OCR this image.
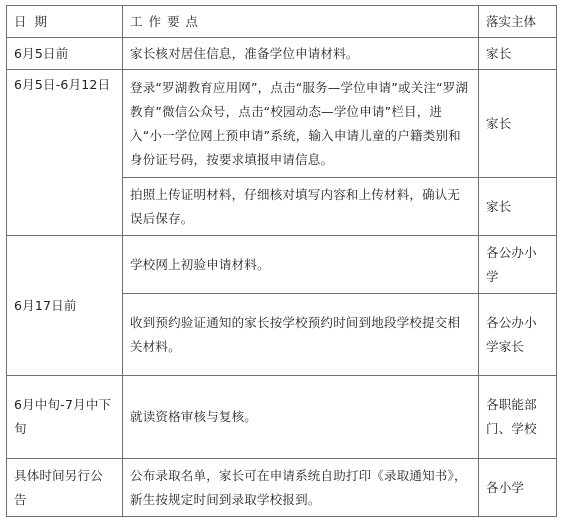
日 期	工 作 要 点	落实主体
6月5日前	家长核对居住信息，准备学位申请材料。	家长
6月5日-6月12日	登录“罗湖教育应用网”，点击“服务—学位申请”或关注“罗湖教育”微信公众号，点击“校园动态—学位申请”栏目，进入“小一学位网上预申请”系统，输入申请儿童的户籍类别和身份证号码，按要求填报申请信息。	家长
	拍照上传证明材料，仔细核对填写内容和上传材料，确认无误后保存。	家长
6月17日前	学校网上初验申请材料。	各公办小学
	收到预约验证通知的家长按学校预约时间到地段学校提交相关材料。	各公办小学家长
6月中旬-7月中下旬	就读资格审核与复核。	各职能部门、学校
具体时间另行公告	公布录取名单，家长可在申请系统自助打印《录取通知书》，新生按规定时间到录取学校报到。	各小学
